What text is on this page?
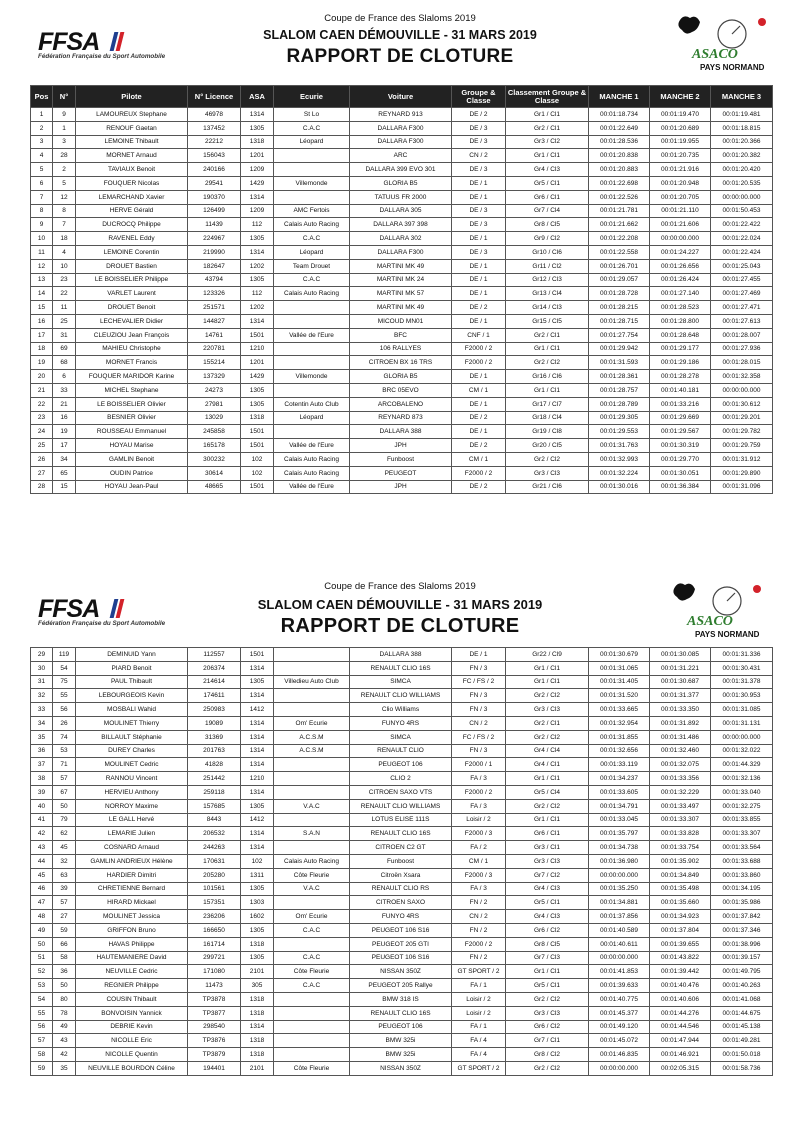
FFSA
Fédération Française du Sport Automobile
Coupe de France des Slaloms 2019
SLALOM CAEN DÉMOUVILLE - 31 MARS 2019
RAPPORT DE CLOTURE	ASACO
PAYS NORMAND
Pos	N°	Pilote	N° Licence	ASA	Ecurie	Voiture	Groupe & Classe	Classement Groupe & Classe	MANCHE 1	MANCHE 2	MANCHE 3
1	9	LAMOUREUX Stephane	46978	1314	St Lo	REYNARD 913	DE / 2	Gr1 / Cl1	00:01:18.734	00:01:19.470	00:01:19.481
2	1	RENOUF Gaetan	137452	1305	C.A.C	DALLARA F300	DE / 3	Gr2 / Cl1	00:01:22.649	00:01:20.689	00:01:18.815
3	3	LEMOINE Thibault	22212	1318	Léopard	DALLARA F300	DE / 3	Gr3 / Cl2	00:01:28.536	00:01:19.955	00:01:20.366
4	28	MORNET Arnaud	156043	1201		ARC	CN / 2	Gr1 / Cl1	00:01:20.838	00:01:20.735	00:01:20.382
5	2	TAVIAUX Benoit	240166	1209		DALLARA 399 EVO 301	DE / 3	Gr4 / Cl3	00:01:20.883	00:01:21.916	00:01:20.420
6	5	FOUQUER Nicolas	29541	1429	Villemonde	GLORIA B5	DE / 1	Gr5 / Cl1	00:01:22.698	00:01:20.948	00:01:20.535
7	12	LEMARCHAND Xavier	190370	1314		TATUUS FR 2000	DE / 1	Gr6 / Cl1	00:01:22.526	00:01:20.705	00:00:00.000
8	8	HERVE Gérald	126499	1209	AMC Fertois	DALLARA 305	DE / 3	Gr7 / Cl4	00:01:21.781	00:01:21.110	00:01:50.453
9	7	DUCROCQ Philippe	11439	112	Calais Auto Racing	DALLARA 397 398	DE / 3	Gr8 / Cl5	00:01:21.662	00:01:21.606	00:01:22.422
10	18	RAVENEL Eddy	224967	1305	C.A.C	DALLARA 302	DE / 1	Gr9 / Cl2	00:01:22.208	00:00:00.000	00:01:22.024
11	4	LEMOINE Corentin	219990	1314	Léopard	DALLARA F300	DE / 3	Gr10 / Cl6	00:01:22.558	00:01:24.227	00:01:22.424
12	10	DROUET Bastien	182647	1202	Team Drouet	MARTINI MK 49	DE / 1	Gr11 / Cl2	00:01:26.701	00:01:26.656	00:01:25.043
13	23	LE BOISSELIER Philippe	43794	1305	C.A.C	MARTINI MK 24	DE / 1	Gr12 / Cl3	00:01:29.057	00:01:26.424	00:01:27.455
14	22	VARLET Laurent	123326	112	Calais Auto Racing	MARTINI MK 57	DE / 1	Gr13 / Cl4	00:01:28.728	00:01:27.140	00:01:27.469
15	11	DROUET Benoit	251571	1202		MARTINI MK 49	DE / 2	Gr14 / Cl3	00:01:28.215	00:01:28.523	00:01:27.471
16	25	LECHEVALIER Didier	144827	1314		MICOUD MN01	DE / 1	Gr15 / Cl5	00:01:28.715	00:01:28.800	00:01:27.613
17	31	CLEUZIOU Jean François	14761	1501	Vallée de l'Eure	BFC	CNF / 1	Gr2 / Cl1	00:01:27.754	00:01:28.648	00:01:28.007
18	69	MAHIEU Christophe	220781	1210		106 RALLYES	F2000 / 2	Gr1 / Cl1	00:01:29.942	00:01:29.177	00:01:27.936
19	68	MORNET Francis	155214	1201		CITROEN BX 16 TRS	F2000 / 2	Gr2 / Cl2	00:01:31.593	00:01:29.186	00:01:28.015
20	6	FOUQUER MARIDOR Karine	137329	1429	Villemonde	GLORIA B5	DE / 1	Gr16 / Cl6	00:01:28.361	00:01:28.278	00:01:32.358
21	33	MICHEL Stephane	24273	1305		BRC 05EVO	CM / 1	Gr1 / Cl1	00:01:28.757	00:01:40.181	00:00:00.000
22	21	LE BOISSELIER Olivier	27981	1305	Cotentin Auto Club	ARCOBALENO	DE / 1	Gr17 / Cl7	00:01:28.789	00:01:33.216	00:01:30.612
23	16	BESNIER Olivier	13029	1318	Léopard	REYNARD 873	DE / 2	Gr18 / Cl4	00:01:29.305	00:01:29.669	00:01:29.201
24	19	ROUSSEAU Emmanuel	245858	1501		DALLARA 388	DE / 1	Gr19 / Cl8	00:01:29.553	00:01:29.567	00:01:29.782
25	17	HOYAU Marise	165178	1501	Vallée de l'Eure	JPH	DE / 2	Gr20 / Cl5	00:01:31.763	00:01:30.319	00:01:29.759
26	34	GAMLIN Benoit	300232	102	Calais Auto Racing	Funboost	CM / 1	Gr2 / Cl2	00:01:32.993	00:01:29.770	00:01:31.912
27	65	OUDIN Patrice	30614	102	Calais Auto Racing	PEUGEOT	F2000 / 2	Gr3 / Cl3	00:01:32.224	00:01:30.051	00:01:29.890
28	15	HOYAU Jean-Paul	48665	1501	Vallée de l'Eure	JPH	DE / 2	Gr21 / Cl6	00:01:30.016	00:01:36.384	00:01:31.096
FFSA
Fédération Française du Sport Automobile
Coupe de France des Slaloms 2019
SLALOM CAEN DÉMOUVILLE - 31 MARS 2019
RAPPORT DE CLOTURE	ASACO
PAYS NORMAND
29	119	DEMINUID Yann	112557	1501		DALLARA 388	DE / 1	Gr22 / Cl9	00:01:30.679	00:01:30.085	00:01:31.336
30	54	PIARD Benoit	206374	1314		RENAULT CLIO 16S	FN / 3	Gr1 / Cl1	00:01:31.065	00:01:31.221	00:01:30.431
31	75	PAUL Thibault	214614	1305	Villedieu Auto Club	SIMCA	FC / FS / 2	Gr1 / Cl1	00:01:31.405	00:01:30.687	00:01:31.378
32	55	LEBOURGEOIS Kevin	174611	1314		RENAULT CLIO WILLIAMS	FN / 3	Gr2 / Cl2	00:01:31.520	00:01:31.377	00:01:30.953
33	56	MOSBALI Wahid	250983	1412		Clio Williams	FN / 3	Gr3 / Cl3	00:01:33.665	00:01:33.350	00:01:31.085
34	26	MOULINET Thierry	19089	1314	Om' Ecurie	FUNYO 4RS	CN / 2	Gr2 / Cl1	00:01:32.954	00:01:31.892	00:01:31.131
35	74	BILLAULT Stéphanie	31369	1314	A.C.S.M	SIMCA	FC / FS / 2	Gr2 / Cl2	00:01:31.855	00:01:31.486	00:00:00.000
36	53	DUREY Charles	201763	1314	A.C.S.M	RENAULT CLIO	FN / 3	Gr4 / Cl4	00:01:32.656	00:01:32.460	00:01:32.022
37	71	MOULINET Cedric	41828	1314		PEUGEOT 106	F2000 / 1	Gr4 / Cl1	00:01:33.119	00:01:32.075	00:01:44.329
38	57	RANNOU Vincent	251442	1210		CLIO 2	FA / 3	Gr1 / Cl1	00:01:34.237	00:01:33.356	00:01:32.136
39	67	HERVIEU Anthony	259118	1314		CITROEN SAXO VTS	F2000 / 2	Gr5 / Cl4	00:01:33.605	00:01:32.229	00:01:33.040
40	50	NORROY Maxime	157685	1305	V.A.C	RENAULT CLIO WILLIAMS	FA / 3	Gr2 / Cl2	00:01:34.791	00:01:33.497	00:01:32.275
41	79	LE GALL Hervé	8443	1412		LOTUS ELISE 111S	Loisir / 2	Gr1 / Cl1	00:01:33.045	00:01:33.307	00:01:33.855
42	62	LEMARIE Julien	206532	1314	S.A.N	RENAULT CLIO 16S	F2000 / 3	Gr6 / Cl1	00:01:35.797	00:01:33.828	00:01:33.307
43	45	COSNARD Arnaud	244263	1314		CITROEN C2 GT	FA / 2	Gr3 / Cl1	00:01:34.738	00:01:33.754	00:01:33.564
44	32	GAMLIN ANDRIEUX Hélène	170631	102	Calais Auto Racing	Funboost	CM / 1	Gr3 / Cl3	00:01:36.980	00:01:35.902	00:01:33.688
45	63	HARDIER Dimitri	205280	1311	Côte Fleurie	Citroën Xsara	F2000 / 3	Gr7 / Cl2	00:00:00.000	00:01:34.849	00:01:33.860
46	39	CHRETIENNE Bernard	101561	1305	V.A.C	RENAULT CLIO RS	FA / 3	Gr4 / Cl3	00:01:35.250	00:01:35.498	00:01:34.195
47	57	HIRARD Mickael	157351	1303		CITROEN SAXO	FN / 2	Gr5 / Cl1	00:01:34.881	00:01:35.660	00:01:35.986
48	27	MOULINET Jessica	236206	1602	Om' Ecurie	FUNYO 4RS	CN / 2	Gr4 / Cl3	00:01:37.856	00:01:34.923	00:01:37.842
49	59	GRIFFON Bruno	166650	1305	C.A.C	PEUGEOT 106 S16	FN / 2	Gr6 / Cl2	00:01:40.589	00:01:37.804	00:01:37.346
50	66	HAVAS Philippe	161714	1318		PEUGEOT 205 GTI	F2000 / 2	Gr8 / Cl5	00:01:40.611	00:01:39.655	00:01:38.996
51	58	HAUTEMANIERE David	299721	1305	C.A.C	PEUGEOT 106 S16	FN / 2	Gr7 / Cl3	00:00:00.000	00:01:43.822	00:01:39.157
52	36	NEUVILLE Cedric	171080	2101	Côte Fleurie	NISSAN 350Z	GT SPORT / 2	Gr1 / Cl1	00:01:41.853	00:01:39.442	00:01:49.795
53	50	REGNIER Philippe	11473	305	C.A.C	PEUGEOT 205 Rallye	FA / 1	Gr5 / Cl1	00:01:39.633	00:01:40.476	00:01:40.263
54	80	COUSIN Thibault	TP3878	1318		BMW 318 IS	Loisir / 2	Gr2 / Cl2	00:01:40.775	00:01:40.606	00:01:41.068
55	78	BONVOISIN Yannick	TP3877	1318		RENAULT CLIO 16S	Loisir / 2	Gr3 / Cl3	00:01:45.377	00:01:44.276	00:01:44.675
56	49	DEBRIE Kevin	298540	1314		PEUGEOT 106	FA / 1	Gr6 / Cl2	00:01:49.120	00:01:44.546	00:01:45.138
57	43	NICOLLE Eric	TP3876	1318		BMW 325i	FA / 4	Gr7 / Cl1	00:01:45.072	00:01:47.944	00:01:49.281
58	42	NICOLLE Quentin	TP3879	1318		BMW 325i	FA / 4	Gr8 / Cl2	00:01:46.835	00:01:46.921	00:01:50.018
59	35	NEUVILLE BOURDON Céline	194401	2101	Côte Fleurie	NISSAN 350Z	GT SPORT / 2	Gr2 / Cl2	00:00:00.000	00:02:05.315	00:01:58.736
